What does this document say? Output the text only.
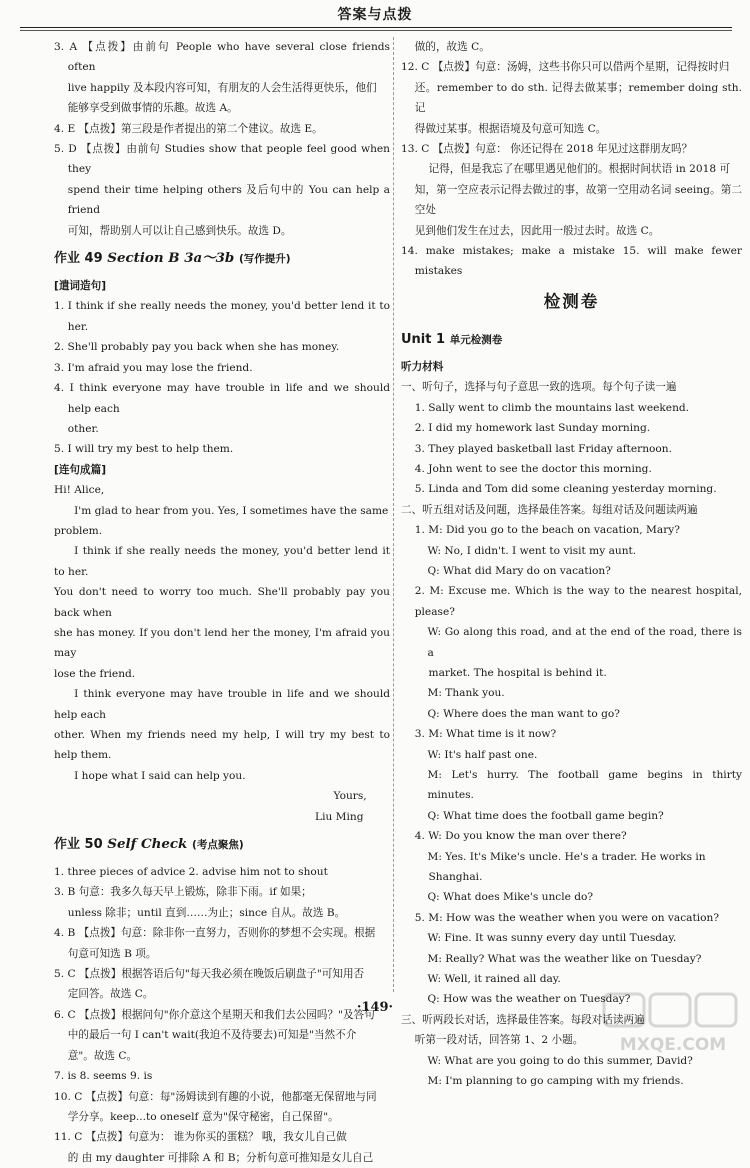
答案与点拨

3. A 【点拨】由前句 People who have several close friends often

live happily 及本段内容可知，有朋友的人会生活得更快乐，他们

能够享受到做事情的乐趣。故选 A。

4. E 【点拨】第三段是作者提出的第二个建议。故选 E。

5. D 【点拨】由前句 Studies show that people feel good when they

spend their time helping others 及后句中的 You can help a friend

可知，帮助别人可以让自己感到快乐。故选 D。

作业 49 Section B 3a～3b (写作提升)

[遣词造句]

1. I think if she really needs the money, you'd better lend it to her.

2. She'll probably pay you back when she has money.

3. I'm afraid you may lose the friend.

4. I think everyone may have trouble in life and we should help each

other.

5. I will try my best to help them.

[连句成篇]

Hi! Alice,

I'm glad to hear from you. Yes, I sometimes have the same

problem.

I think if she really needs the money, you'd better lend it to her.

You don't need to worry too much. She'll probably pay you back when

she has money. If you don't lend her the money, I'm afraid you may

lose the friend.

I think everyone may have trouble in life and we should help each

other. When my friends need my help, I will try my best to help them.

I hope what I said can help you.

Yours,

Liu Ming

作业 50 Self Check (考点聚焦)

1. three pieces of advice 2. advise him not to shout

3. B 句意：我多久每天早上锻炼，除非下雨。if 如果；

unless 除非；until 直到……为止；since 自从。故选 B。

4. B 【点拨】句意：除非你一直努力，否则你的梦想不会实现。根据

句意可知选 B 项。

5. C 【点拨】根据答语后句"每天我必须在晚饭后刷盘子"可知用否

定回答。故选 C。

6. C 【点拨】根据问句"你介意这个星期天和我们去公园吗？"及答句

中的最后一句 I can't wait(我迫不及待要去)可知是"当然不介

意"。故选 C。

7. is 8. seems 9. is

10. C 【点拨】句意：每"汤姆读到有趣的小说，他都毫无保留地与同

学分享。keep...to oneself 意为"保守秘密，自己保留"。

11. C 【点拨】句意为： 谁为你买的蛋糕？ 哦，我女儿自己做

的 由 my daughter 可排除 A 和 B；分析句意可推知是女儿自己

做的，故选 C。

12. C 【点拨】句意：汤姆，这些书你只可以借两个星期，记得按时归

还。remember to do sth. 记得去做某事；remember doing sth. 记

得做过某事。根据语境及句意可知选 C。

13. C 【点拨】句意： 你还记得在 2018 年见过这群朋友吗？

记得，但是我忘了在哪里遇见他们的。根据时间状语 in 2018 可

知，第一空应表示记得去做过的事，故第一空用动名词 seeing。第二空处

见到他们发生在过去，因此用一般过去时。故选 C。

14. make mistakes; make a mistake 15. will make fewer mistakes

检测卷

Unit 1 单元检测卷

听力材料

一、听句子，选择与句子意思一致的选项。每个句子读一遍

1. Sally went to climb the mountains last weekend.

2. I did my homework last Sunday morning.

3. They played basketball last Friday afternoon.

4. John went to see the doctor this morning.

5. Linda and Tom did some cleaning yesterday morning.

二、听五组对话及问题，选择最佳答案。每组对话及问题读两遍

1. M: Did you go to the beach on vacation, Mary?

W: No, I didn't. I went to visit my aunt.

Q: What did Mary do on vacation?

2. M: Excuse me. Which is the way to the nearest hospital, please?

W: Go along this road, and at the end of the road, there is a

market. The hospital is behind it.

M: Thank you.

Q: Where does the man want to go?

3. M: What time is it now?

W: It's half past one.

M: Let's hurry. The football game begins in thirty minutes.

Q: What time does the football game begin?

4. W: Do you know the man over there?

M: Yes. It's Mike's uncle. He's a trader. He works in

Shanghai.

Q: What does Mike's uncle do?

5. M: How was the weather when you were on vacation?

W: Fine. It was sunny every day until Tuesday.

M: Really? What was the weather like on Tuesday?

W: Well, it rained all day.

Q: How was the weather on Tuesday?

三、听两段长对话，选择最佳答案。每段对话读两遍

听第一段对话，回答第 1、2 小题。

W: What are you going to do this summer, David?

M: I'm planning to go camping with my friends.

·149·
MXQE.COM
